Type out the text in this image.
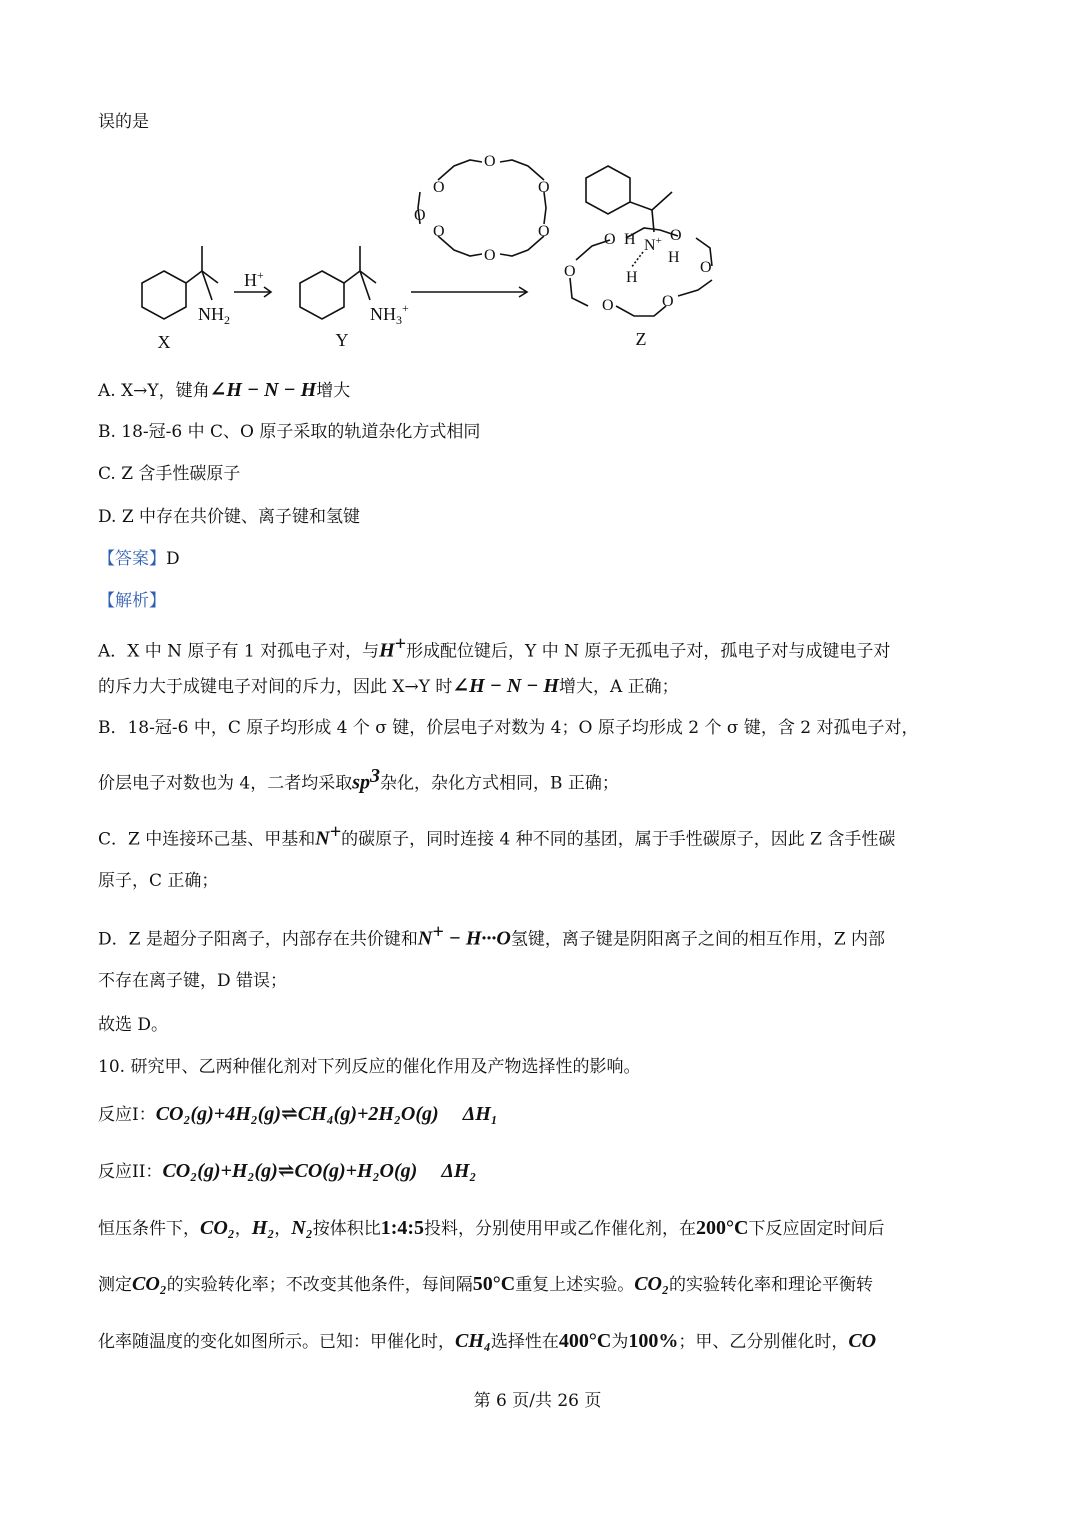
误的是
$NH_2$
X
H+
$NH_3^+$
Y
O
O
O
O
O
O
O	O	O
O	O
O	O
H
H
H
N+
Z
A. X→Y，键角∠H − N − H增大
B. 18-冠-6 中 C、O 原子采取的轨道杂化方式相同
C. Z 含手性碳原子
D. Z 中存在共价键、离子键和氢键
【答案】D
【解析】
A．X 中 N 原子有 1 对孤电子对，与H+形成配位键后，Y 中 N 原子无孤电子对，孤电子对与成键电子对
的斥力大于成键电子对间的斥力，因此 X→Y 时∠H − N − H增大，A 正确；
B．18-冠-6 中，C 原子均形成 4 个 σ 键，价层电子对数为 4；O 原子均形成 2 个 σ 键，含 2 对孤电子对，
价层电子对数也为 4，二者均采取$sp^3$杂化，杂化方式相同，B 正确；
C．Z 中连接环己基、甲基和N+的碳原子，同时连接 4 种不同的基团，属于手性碳原子，因此 Z 含手性碳
原子，C 正确；
D．Z 是超分子阳离子，内部存在共价键和N+ − H···O氢键，离子键是阴阳离子之间的相互作用，Z 内部
不存在离子键，D 错误；
故选 D。
10. 研究甲、乙两种催化剂对下列反应的催化作用及产物选择性的影响。
反应I：CO₂(g)+4H₂(g)⇌CH₄(g)+2H₂O(g) ΔH₁
反应II：CO₂(g)+H₂(g)⇌CO(g)+H₂O(g) ΔH₂
恒压条件下，CO₂，H₂，N₂按体积比1:4:5投料，分别使用甲或乙作催化剂，在200°C下反应固定时间后
测定CO₂的实验转化率；不改变其他条件，每间隔50°C重复上述实验。CO₂的实验转化率和理论平衡转
化率随温度的变化如图所示。已知：甲催化时，CH₄选择性在400°C为100%；甲、乙分别催化时，CO
第 6 页/共 26 页
